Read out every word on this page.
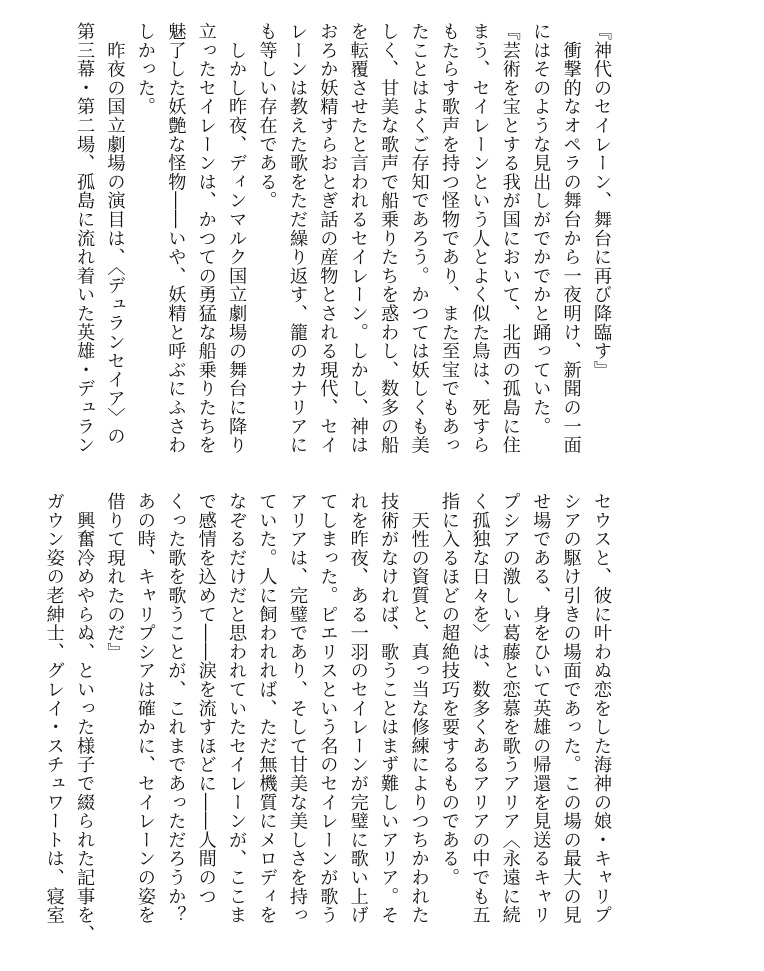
『神代のセイレーン、舞台に再び降臨す』
　衝撃的なオペラの舞台から一夜明け、新聞の一面
にはそのような見出しがでかでかと踊っていた。
『芸術を宝とする我が国において、北西の孤島に住
まう、セイレーンという人とよく似た鳥は、死すら
もたらす歌声を持つ怪物であり、また至宝でもあっ
たことはよくご存知であろう。かつては妖しくも美
しく、甘美な歌声で船乗りたちを惑わし、数多の船
を転覆させたと言われるセイレーン。しかし、神は
おろか妖精すらおとぎ話の産物とされる現代、セイ
レーンは教えた歌をただ繰り返す、籠のカナリアに
も等しい存在である。
　しかし昨夜、ディンマルク国立劇場の舞台に降り
立ったセイレーンは、かつての勇猛な船乗りたちを
魅了した妖艶な怪物――いや、妖精と呼ぶにふさわ
しかった。
　昨夜の国立劇場の演目は、〈デュランセイア〉の
第三幕・第二場、孤島に流れ着いた英雄・デュラン
セウスと、彼に叶わぬ恋をした海神の娘・キャリプ
シアの駆け引きの場面であった。この場の最大の見
せ場である、身をひいて英雄の帰還を見送るキャリ
プシアの激しい葛藤と恋慕を歌うアリア〈永遠に続
く孤独な日々を〉は、数多くあるアリアの中でも五
指に入るほどの超絶技巧を要するものである。
　天性の資質と、真っ当な修練によりつちかわれた
技術がなければ、歌うことはまず難しいアリア。そ
れを昨夜、ある一羽のセイレーンが完璧に歌い上げ
てしまった。ピエリスという名のセイレーンが歌う
アリアは、完璧であり、そして甘美な美しさを持っ
ていた。人に飼われれば、ただ無機質にメロディを
なぞるだけだと思われていたセイレーンが、ここま
で感情を込めて――涙を流すほどに――人間のつ
くった歌を歌うことが、これまであっただろうか？
あの時、キャリプシアは確かに、セイレーンの姿を
借りて現れたのだ』
　興奮冷めやらぬ、といった様子で綴られた記事を、
ガウン姿の老紳士、グレイ・スチュワートは、寝室
